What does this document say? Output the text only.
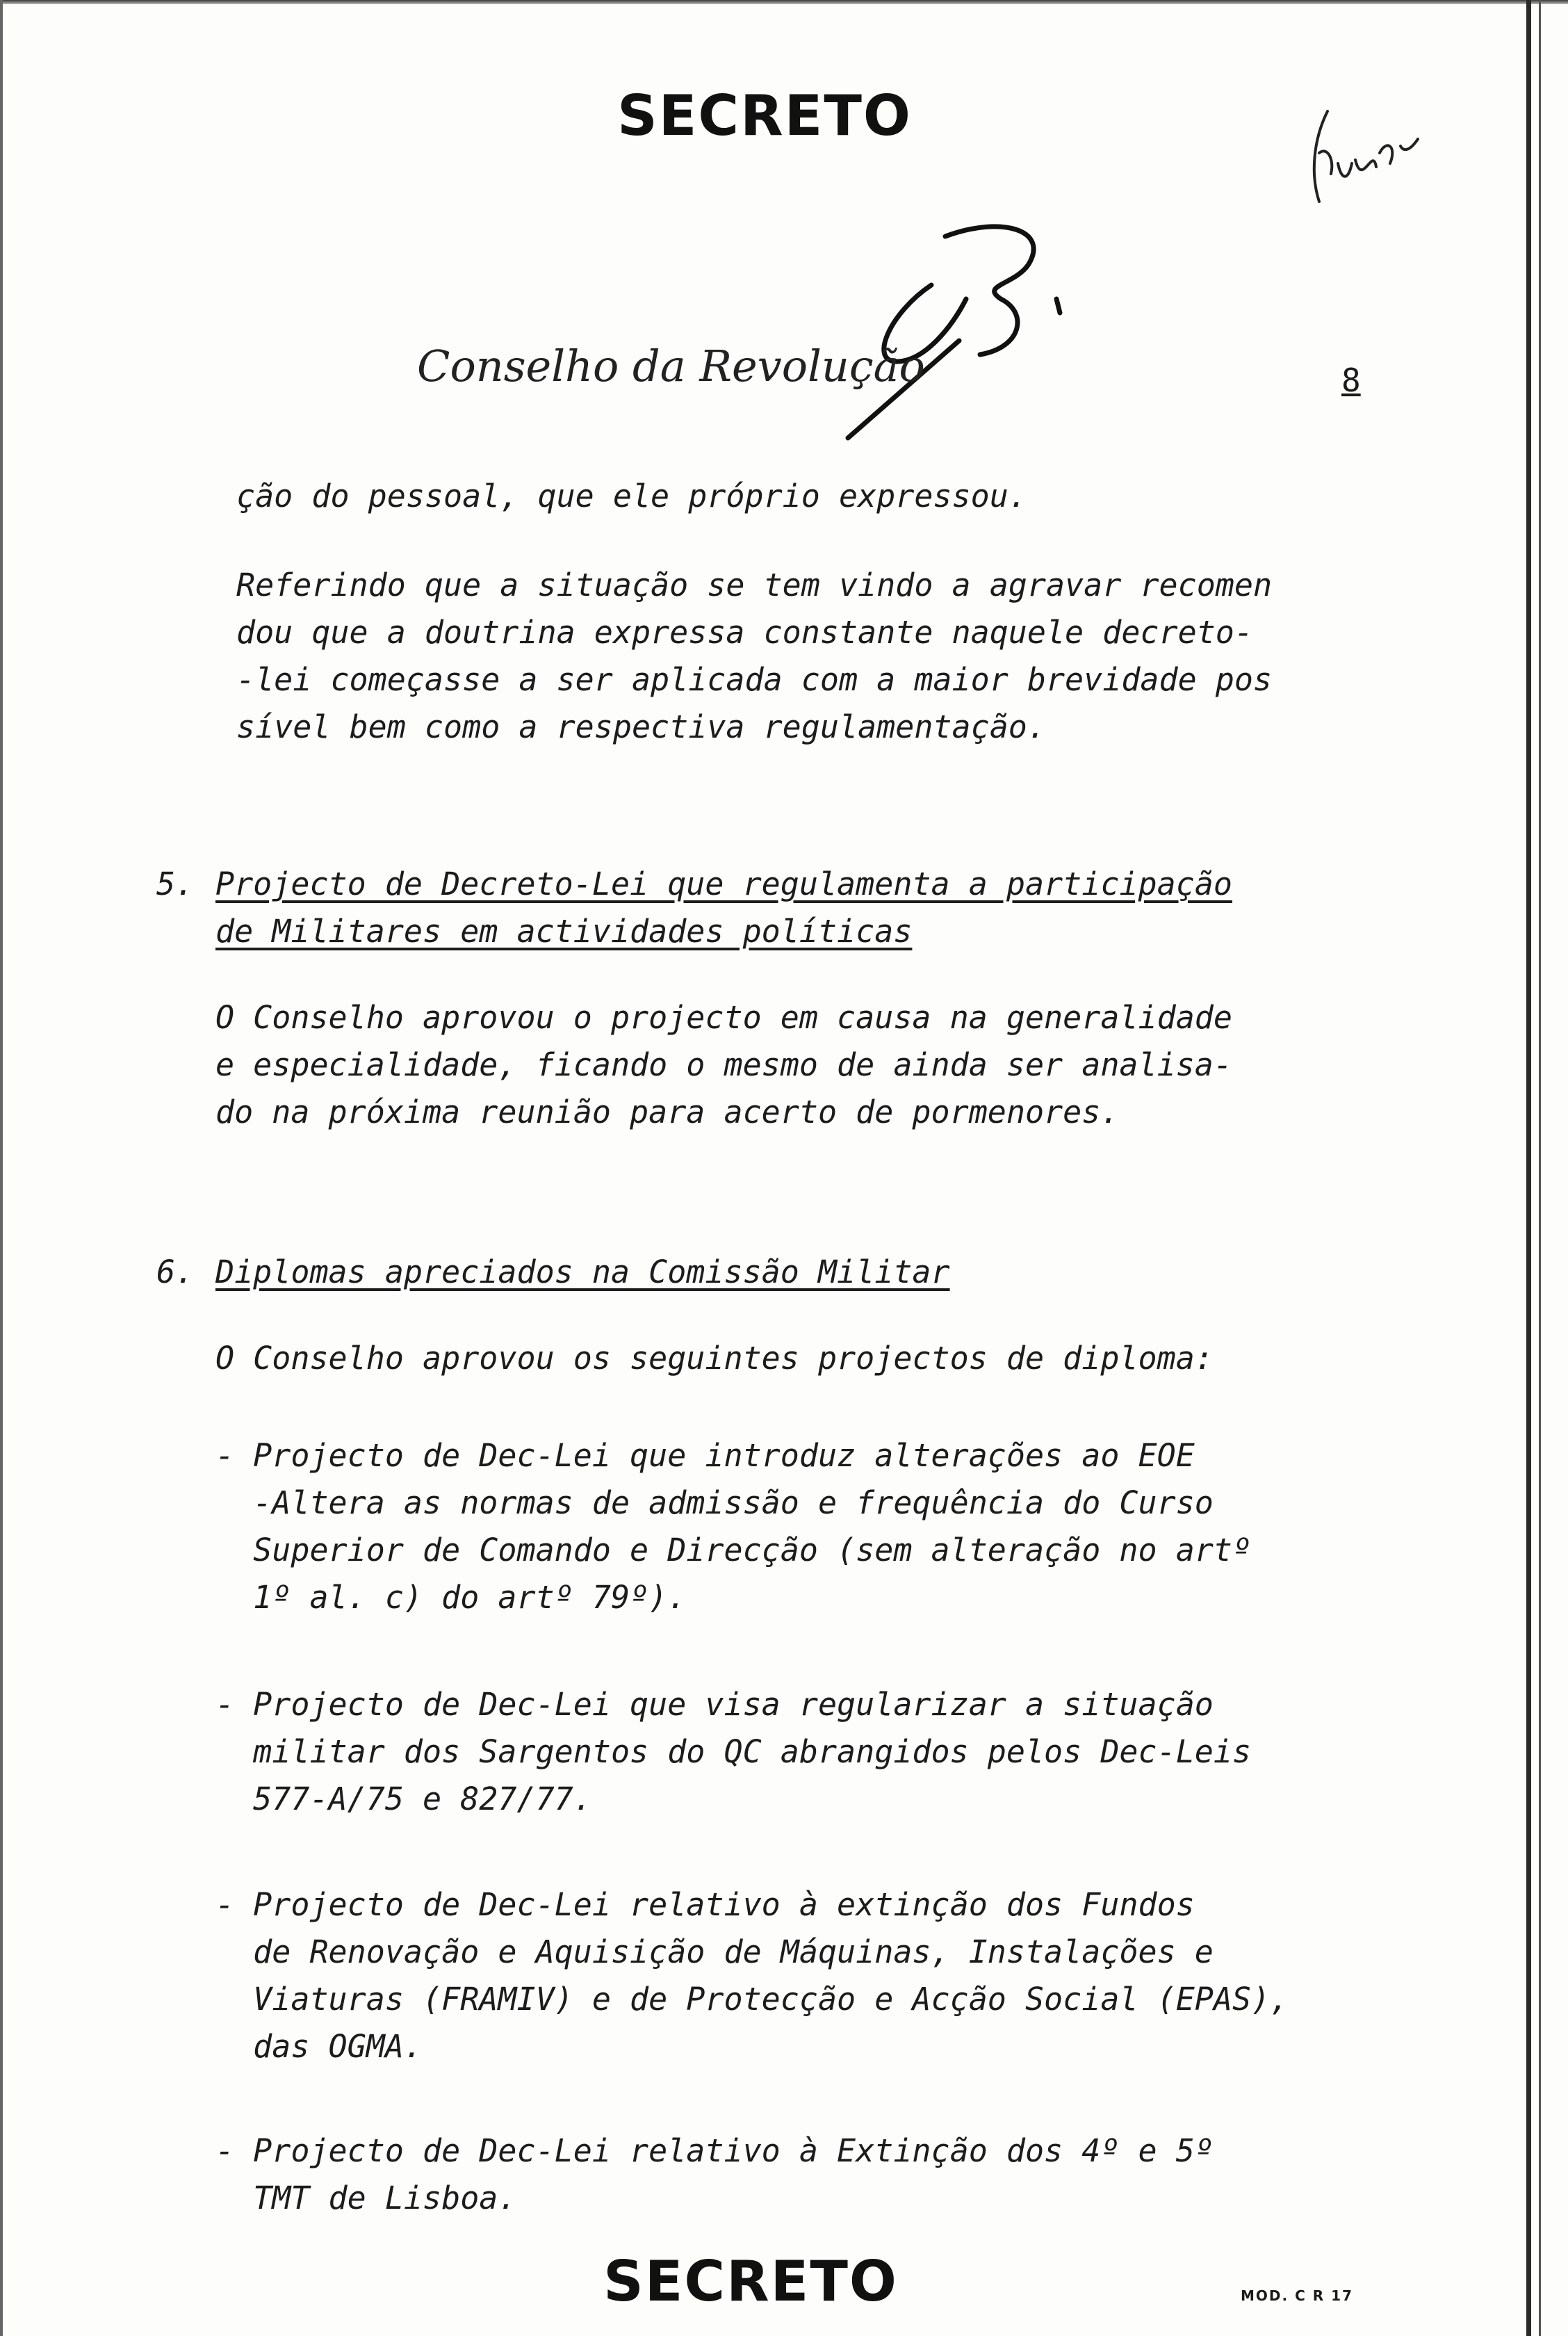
SECRETO
Conselho da Revolução	8
ção do pessoal, que ele próprio expressou.
Referindo que a situação se tem vindo a agravar recomen
dou que a doutrina expressa constante naquele decreto-
-lei começasse a ser aplicada com a maior brevidade pos
sível bem como a respectiva regulamentação.
5. Projecto de Decreto-Lei que regulamenta a participação
de Militares em actividades políticas
O Conselho aprovou o projecto em causa na generalidade
e especialidade, ficando o mesmo de ainda ser analisa-
do na próxima reunião para acerto de pormenores.
6. Diplomas apreciados na Comissão Militar
O Conselho aprovou os seguintes projectos de diploma:
- Projecto de Dec-Lei que introduz alterações ao EOE
-Altera as normas de admissão e frequência do Curso
Superior de Comando e Direcção (sem alteração no artº
1º al. c) do artº 79º).
- Projecto de Dec-Lei que visa regularizar a situação
militar dos Sargentos do QC abrangidos pelos Dec-Leis
577-A/75 e 827/77.
- Projecto de Dec-Lei relativo à extinção dos Fundos
de Renovação e Aquisição de Máquinas, Instalações e
Viaturas (FRAMIV) e de Protecção e Acção Social (EPAS),
das OGMA.
- Projecto de Dec-Lei relativo à Extinção dos 4º e 5º
TMT de Lisboa.
SECRETO	MOD. C R 17
